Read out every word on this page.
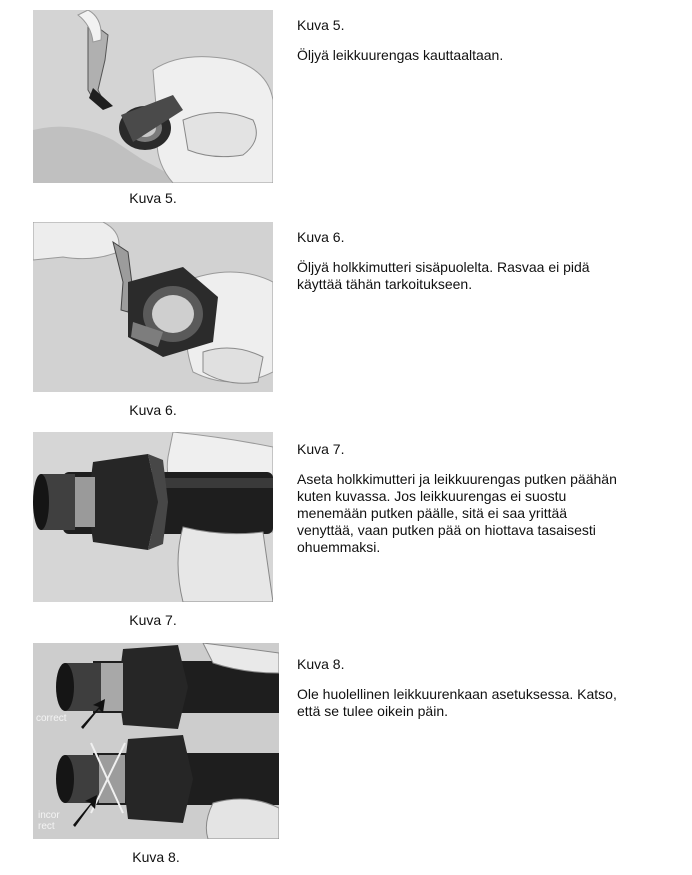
Kuva 5.

Kuva 5.

Öljyä leikkuurengas kauttaaltaan.

Kuva 6.

Kuva 6.

Öljyä holkkimutteri sisäpuolelta. Rasvaa ei pidä
käyttää tähän tarkoitukseen.

Kuva 7.

Kuva 7.

Aseta holkkimutteri ja leikkuurengas putken päähän
kuten kuvassa. Jos leikkuurengas ei suostu
menemään putken päälle, sitä ei saa yrittää
venyttää, vaan putken pää on hiottava tasaisesti
ohuemmaksi.

correct
incor
rect
Kuva 8.

Kuva 8.

Ole huolellinen leikkuurenkaan asetuksessa. Katso,
että se tulee oikein päin.
